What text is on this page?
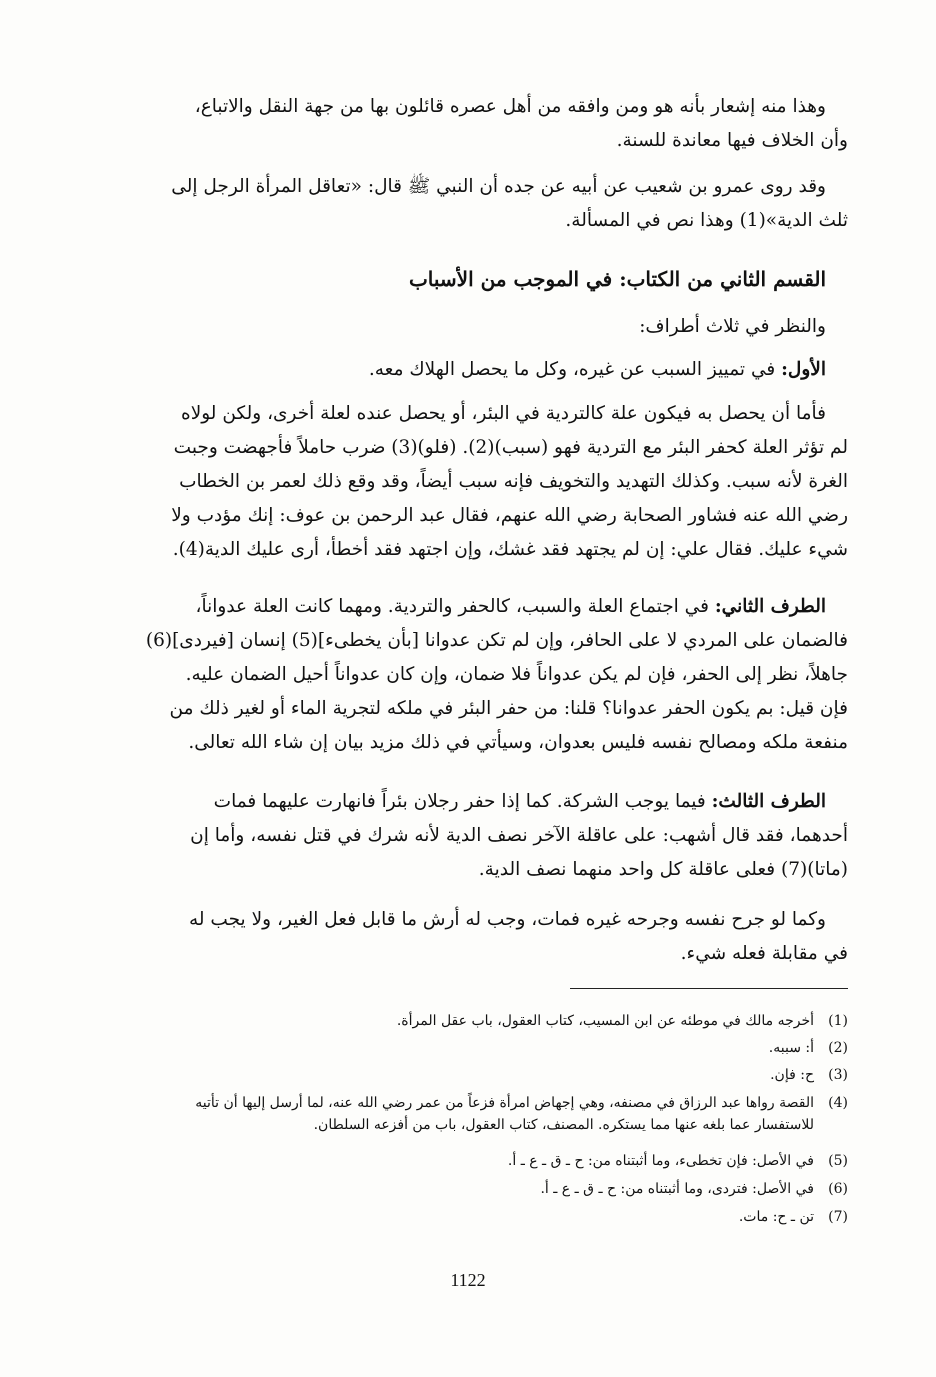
وهذا منه إشعار بأنه هو ومن وافقه من أهل عصره قائلون بها من جهة النقل والاتباع،
وأن الخلاف فيها معاندة للسنة.
وقد روى عمرو بن شعيب عن أبيه عن جده أن النبي ﷺ قال: «تعاقل المرأة الرجل إلى
ثلث الدية»(1) وهذا نص في المسألة.
القسم الثاني من الكتاب: في الموجب من الأسباب
والنظر في ثلاث أطراف:
الأول: في تمييز السبب عن غيره، وكل ما يحصل الهلاك معه.
فأما أن يحصل به فيكون علة كالتردية في البئر، أو يحصل عنده لعلة أخرى، ولكن لولاه
لم تؤثر العلة كحفر البئر مع التردية فهو (سبب)(2). (فلو)(3) ضرب حاملاً فأجهضت وجبت
الغرة لأنه سبب. وكذلك التهديد والتخويف فإنه سبب أيضاً، وقد وقع ذلك لعمر بن الخطاب
رضي الله عنه فشاور الصحابة رضي الله عنهم، فقال عبد الرحمن بن عوف: إنك مؤدب ولا
شيء عليك. فقال علي: إن لم يجتهد فقد غشك، وإن اجتهد فقد أخطأ، أرى عليك الدية(4).
الطرف الثاني: في اجتماع العلة والسبب، كالحفر والتردية. ومهما كانت العلة عدواناً،
فالضمان على المردي لا على الحافر، وإن لم تكن عدوانا [بأن يخطىء](5) إنسان [فيردى](6)
جاهلاً، نظر إلى الحفر، فإن لم يكن عدواناً فلا ضمان، وإن كان عدواناً أحيل الضمان عليه.
فإن قيل: بم يكون الحفر عدوانا؟ قلنا: من حفر البئر في ملكه لتجرية الماء أو لغير ذلك من
منفعة ملكه ومصالح نفسه فليس بعدوان، وسيأتي في ذلك مزيد بيان إن شاء الله تعالى.
الطرف الثالث: فيما يوجب الشركة. كما إذا حفر رجلان بئراً فانهارت عليهما فمات
أحدهما، فقد قال أشهب: على عاقلة الآخر نصف الدية لأنه شرك في قتل نفسه، وأما إن
(ماتا)(7) فعلى عاقلة كل واحد منهما نصف الدية.
وكما لو جرح نفسه وجرحه غيره فمات، وجب له أرش ما قابل فعل الغير، ولا يجب له
في مقابلة فعله شيء.
(1)أخرجه مالك في موطئه عن ابن المسيب، كتاب العقول، باب عقل المرأة.
(2)أ: سببه.
(3)ح: فإن.
(4)القصة رواها عبد الرزاق في مصنفه، وهي إجهاض امرأة فزعاً من عمر رضي الله عنه، لما أرسل إليها أن تأتيه
للاستفسار عما بلغه عنها مما يستكره. المصنف، كتاب العقول، باب من أفزعه السلطان.
(5)في الأصل: فإن تخطىء، وما أثبتناه من: ح ـ ق ـ ع ـ أ.
(6)في الأصل: فتردى، وما أثبتناه من: ح ـ ق ـ ع ـ أ.
(7)تن ـ ح: مات.
1122
